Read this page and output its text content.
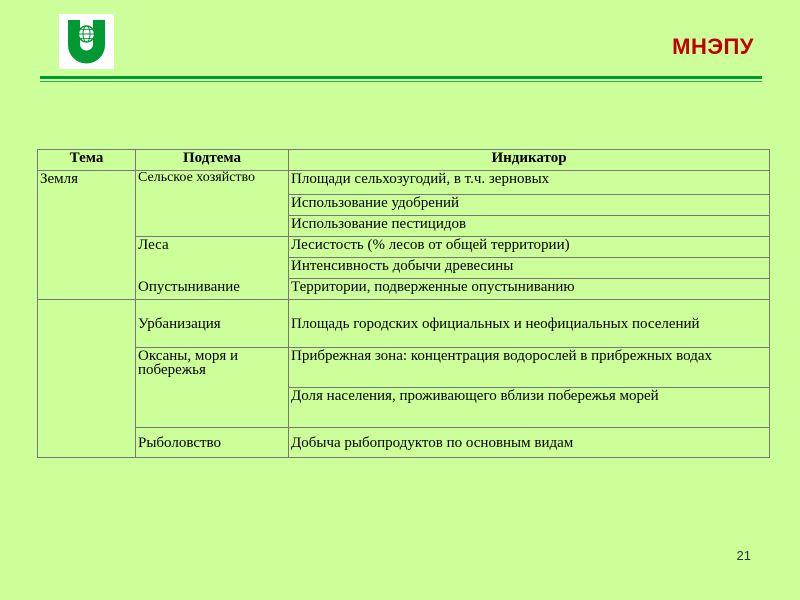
МНЭПУ
Тема	Подтема	Индикатор
Земля	Сельское хозяйство	Площади сельхозугодий, в т.ч. зерновых
		Использование удобрений
		Использование пестицидов
	Леса	Лесистость (% лесов от общей территории)
		Интенсивность добычи древесины
	Опустынивание	Территории, подверженные опустыниванию
	Урбанизация	Площадь городских официальных и неофициальных поселений
	Оксаны, моря и побережья	Прибрежная зона: концентрация водорослей в прибрежных водах
		Доля населения, проживающего вблизи побережья морей
	Рыболовство	Добыча рыбопродуктов по основным видам
21
